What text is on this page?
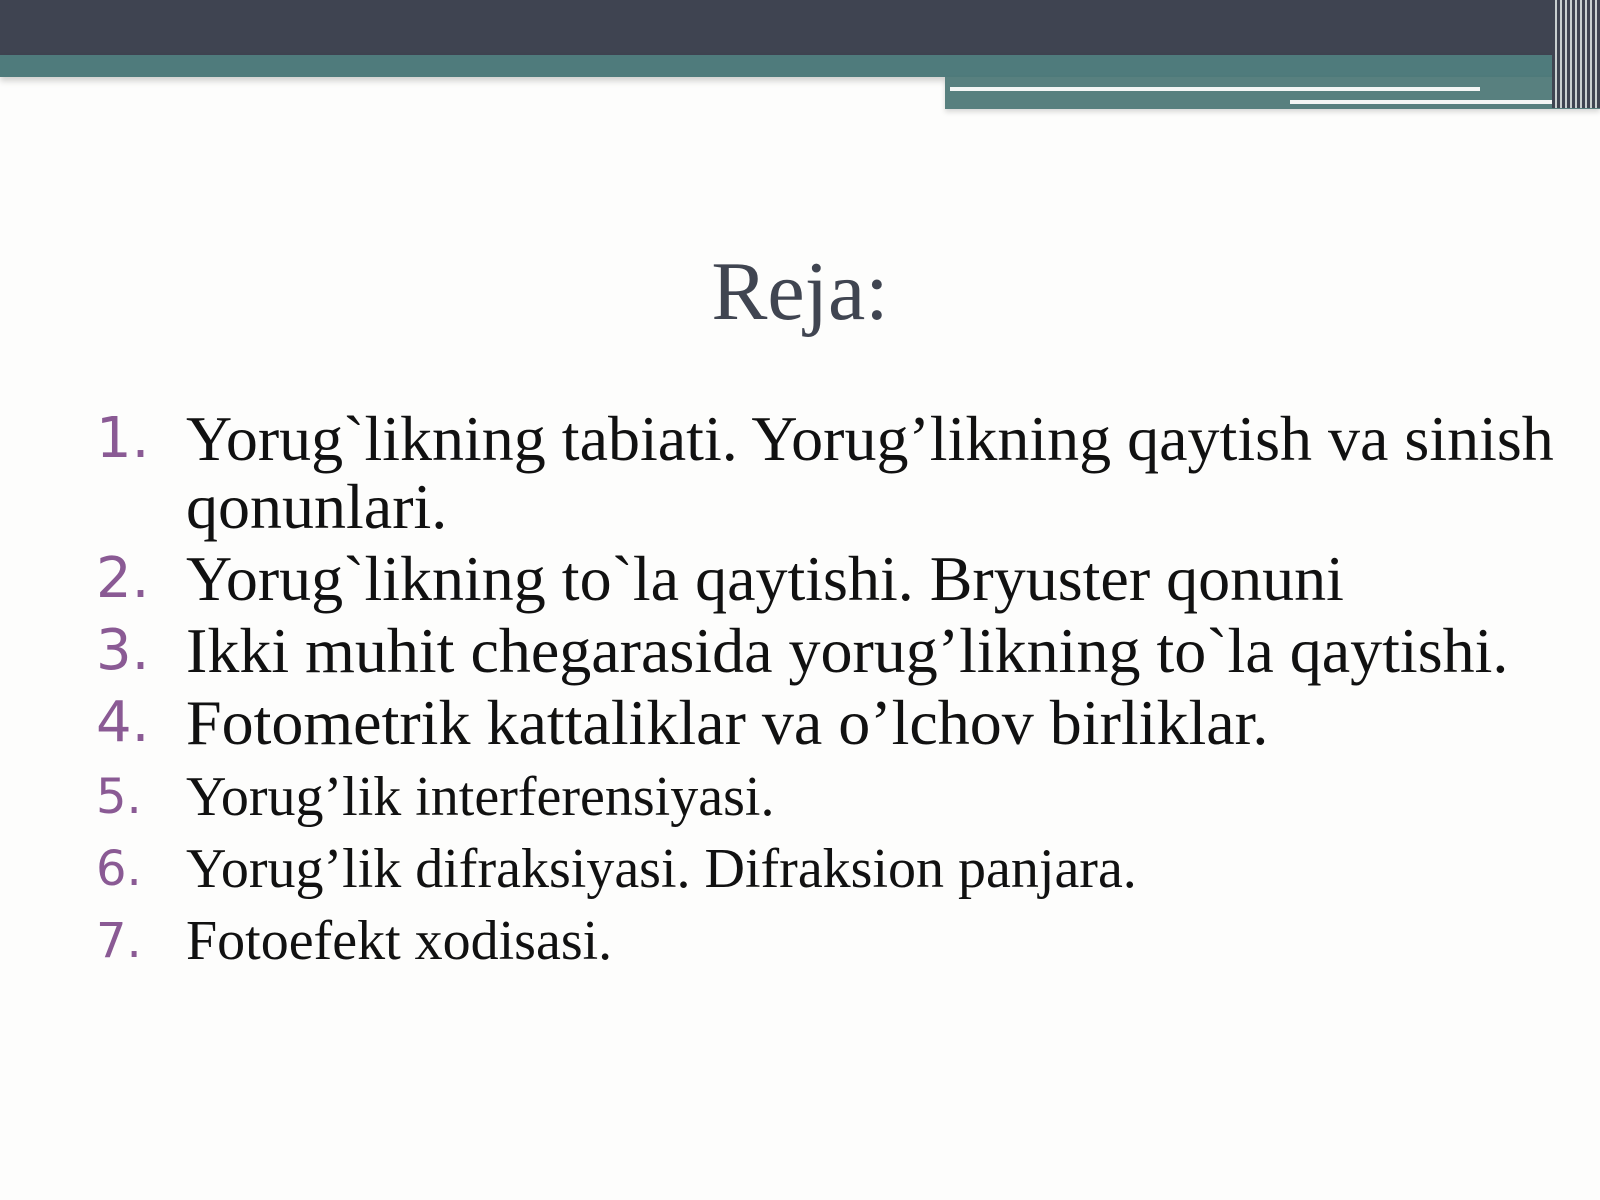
Reja:
1. Yorug`likning tabiati. Yorug’likning qaytish va sinish qonunlari.
2. Yorug`likning to`la qaytishi. Bryuster qonuni
3. Ikki muhit chegarasida yorug’likning to`la qaytishi.
4. Fotometrik kattaliklar va o’lchov birliklar.
5. Yorug’lik interferensiyasi.
6. Yorug’lik difraksiyasi. Difraksion panjara.
7. Fotoefekt xodisasi.
